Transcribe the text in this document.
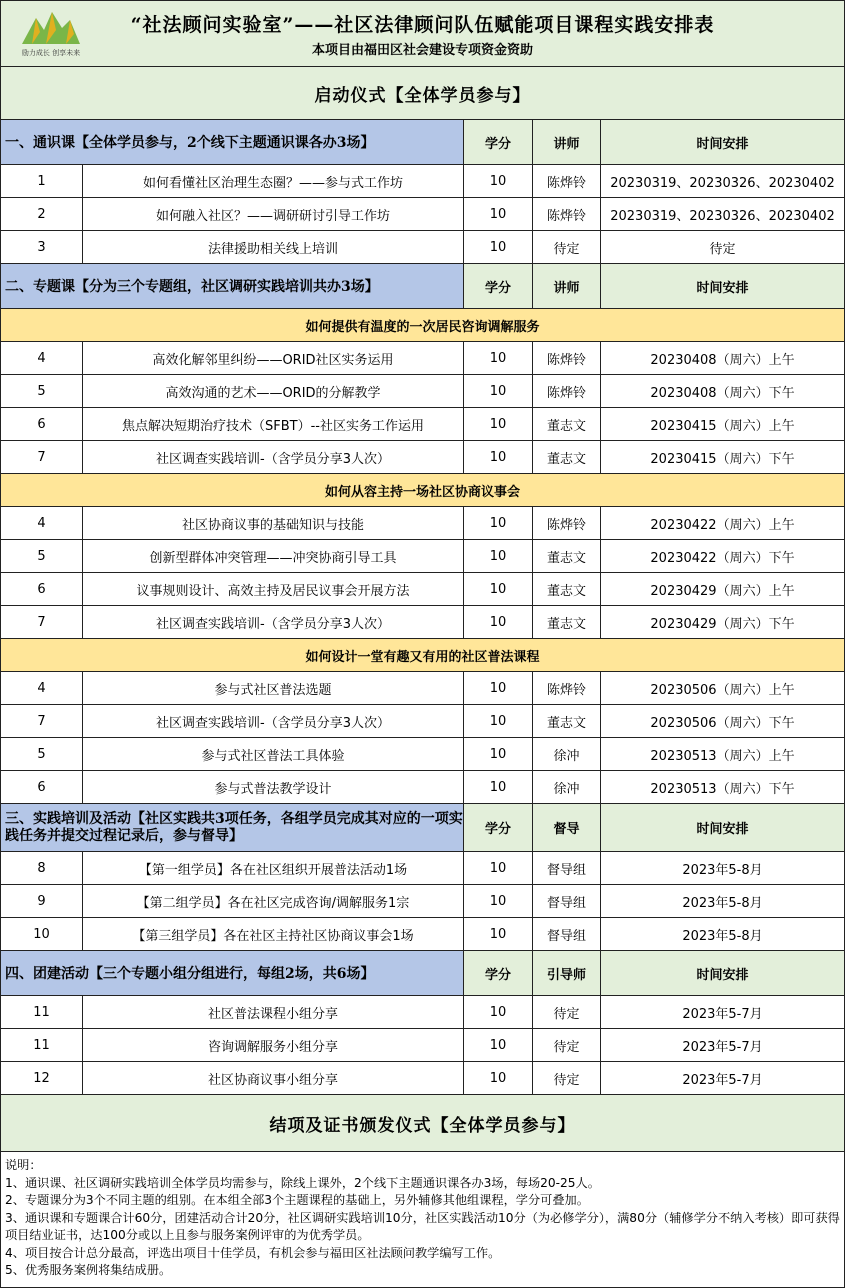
励力成长 创享未来
“社法顾问实验室”——社区法律顾问队伍赋能项目课程实践安排表
本项目由福田区社会建设专项资金资助
启动仪式【全体学员参与】
一、通识课【全体学员参与，2个线下主题通识课各办3场】	学分	讲师	时间安排
1	如何看懂社区治理生态圈？——参与式工作坊	10	陈烨铃	20230319、20230326、20230402
2	如何融入社区？——调研研讨引导工作坊	10	陈烨铃	20230319、20230326、20230402
3	法律援助相关线上培训	10	待定	待定
二、专题课【分为三个专题组，社区调研实践培训共办3场】	学分	讲师	时间安排
如何提供有温度的一次居民咨询调解服务
4	高效化解邻里纠纷——ORID社区实务运用	10	陈烨铃	20230408（周六）上午
5	高效沟通的艺术——ORID的分解教学	10	陈烨铃	20230408（周六）下午
6	焦点解决短期治疗技术（SFBT）--社区实务工作运用	10	董志文	20230415（周六）上午
7	社区调查实践培训-（含学员分享3人次）	10	董志文	20230415（周六）下午
如何从容主持一场社区协商议事会
4	社区协商议事的基础知识与技能	10	陈烨铃	20230422（周六）上午
5	创新型群体冲突管理——冲突协商引导工具	10	董志文	20230422（周六）下午
6	议事规则设计、高效主持及居民议事会开展方法	10	董志文	20230429（周六）上午
7	社区调查实践培训-（含学员分享3人次）	10	董志文	20230429（周六）下午
如何设计一堂有趣又有用的社区普法课程
4	参与式社区普法选题	10	陈烨铃	20230506（周六）上午
7	社区调查实践培训-（含学员分享3人次）	10	董志文	20230506（周六）下午
5	参与式社区普法工具体验	10	徐冲	20230513（周六）上午
6	参与式普法教学设计	10	徐冲	20230513（周六）下午
三、实践培训及活动【社区实践共3项任务，各组学员完成其对应的一项实践任务并提交过程记录后，参与督导】	学分	督导	时间安排
8	【第一组学员】各在社区组织开展普法活动1场	10	督导组	2023年5-8月
9	【第二组学员】各在社区完成咨询/调解服务1宗	10	督导组	2023年5-8月
10	【第三组学员】各在社区主持社区协商议事会1场	10	督导组	2023年5-8月
四、团建活动【三个专题小组分组进行，每组2场，共6场】	学分	引导师	时间安排
11	社区普法课程小组分享	10	待定	2023年5-7月
11	咨询调解服务小组分享	10	待定	2023年5-7月
12	社区协商议事小组分享	10	待定	2023年5-7月
结项及证书颁发仪式【全体学员参与】
说明：
1、通识课、社区调研实践培训全体学员均需参与，除线上课外，2个线下主题通识课各办3场，每场20-25人。
2、专题课分为3个不同主题的组别。在本组全部3个主题课程的基础上，另外辅修其他组课程，学分可叠加。
3、通识课和专题课合计60分，团建活动合计20分，社区调研实践培训10分，社区实践活动10分（为必修学分），满80分（辅修学分不纳入考核）即可获得项目结业证书，达100分或以上且参与服务案例评审的为优秀学员。
4、项目按合计总分最高，评选出项目十佳学员，有机会参与福田区社法顾问教学编写工作。
5、优秀服务案例将集结成册。
